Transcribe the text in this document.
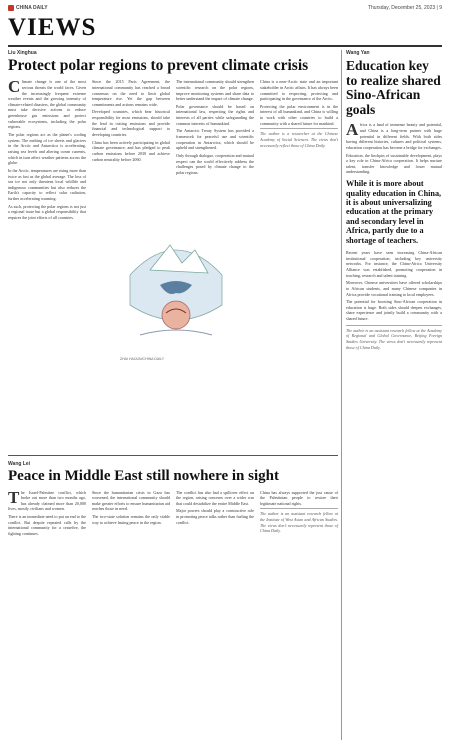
CHINA DAILY	Thursday, December 25, 2023 | 9
VIEWS
Liu Xinghua
Protect polar regions to prevent climate crisis

Climate change is one of the most serious threats the world faces. Given the increasingly frequent extreme weather events and the growing intensity of climate-related disasters, the global community must take decisive actions to reduce greenhouse gas emissions and protect vulnerable ecosystems, including the polar regions.

The polar regions act as the planet's cooling system. The melting of ice sheets and glaciers in the Arctic and Antarctica is accelerating, raising sea levels and altering ocean currents, which in turn affect weather patterns across the globe.

In the Arctic, temperatures are rising more than twice as fast as the global average. The loss of sea ice not only threatens local wildlife and indigenous communities but also reduces the Earth's capacity to reflect solar radiation, further accelerating warming.

As such, protecting the polar regions is not just a regional issue but a global responsibility that requires the joint efforts of all countries.

Since the 2015 Paris Agreement, the international community has reached a broad consensus on the need to limit global temperature rise. Yet the gap between commitments and actions remains wide.

Developed countries, which bear historical responsibility for most emissions, should take the lead in cutting emissions and provide financial and technological support to developing countries.

China has been actively participating in global climate governance, and has pledged to peak carbon emissions before 2030 and achieve carbon neutrality before 2060.

The international community should strengthen scientific research on the polar regions, improve monitoring systems and share data to better understand the impact of climate change.

Polar governance should be based on international law, respecting the rights and interests of all parties while safeguarding the common interests of humankind.

The Antarctic Treaty System has provided a framework for peaceful use and scientific cooperation in Antarctica, which should be upheld and strengthened.

Only through dialogue, cooperation and mutual respect can the world effectively address the challenges posed by climate change to the polar regions.

China is a near-Arctic state and an important stakeholder in Arctic affairs. It has always been committed to respecting, protecting and participating in the governance of the Arctic.

Protecting the polar environment is in the interest of all humankind, and China is willing to work with other countries to build a community with a shared future for mankind.

The author is a researcher at the Chinese Academy of Social Sciences. The views don't necessarily reflect those of China Daily.

ZHAI HAIJUN/CHINA DAILY
Wang Lei
Peace in Middle East still nowhere in sight

The Israel-Palestine conflict, which broke out more than two months ago, has already claimed more than 20,000 lives, mostly civilians and women.

There is an immediate need to put an end to the conflict. But despite repeated calls by the international community for a ceasefire, the fighting continues.

Since the humanitarian crisis in Gaza has worsened, the international community should make greater efforts to ensure humanitarian aid reaches those in need.

The two-state solution remains the only viable way to achieve lasting peace in the region.

The conflict has also had a spillover effect on the region, raising concerns over a wider war that could destabilize the entire Middle East.

Major powers should play a constructive role in promoting peace talks rather than fueling the conflict.

China has always supported the just cause of the Palestinian people to restore their legitimate national rights.

The author is an assistant research fellow at the Institute of West Asian and African Studies. The views don't necessarily represent those of China Daily.

Wang Yan
Education key to realize shared Sino-African goals

Africa is a land of immense beauty and potential, and China is a long-term partner with huge potential in different fields. With both sides having different histories, cultures and political systems, education cooperation has become a bridge for exchanges.

Education, the linchpin of sustainable development, plays a key role in China-Africa cooperation. It helps nurture talent, transfer knowledge and foster mutual understanding.

While it is more about quality education in China, it is about universalizing education at the primary and secondary level in Africa, partly due to a shortage of teachers.

Recent years have seen increasing China-African institutional cooperation, including key university networks. For instance, the China-Africa University Alliance was established, promoting cooperation in teaching, research and talent training.

Moreover, Chinese universities have offered scholarships to African students, and many Chinese companies in Africa provide vocational training to local employees.

The potential for boosting Sino-African cooperation in education is huge. Both sides should deepen exchanges, share experience and jointly build a community with a shared future.

The author is an assistant research fellow at the Academy of Regional and Global Governance, Beijing Foreign Studies University. The views don't necessarily represent those of China Daily.
